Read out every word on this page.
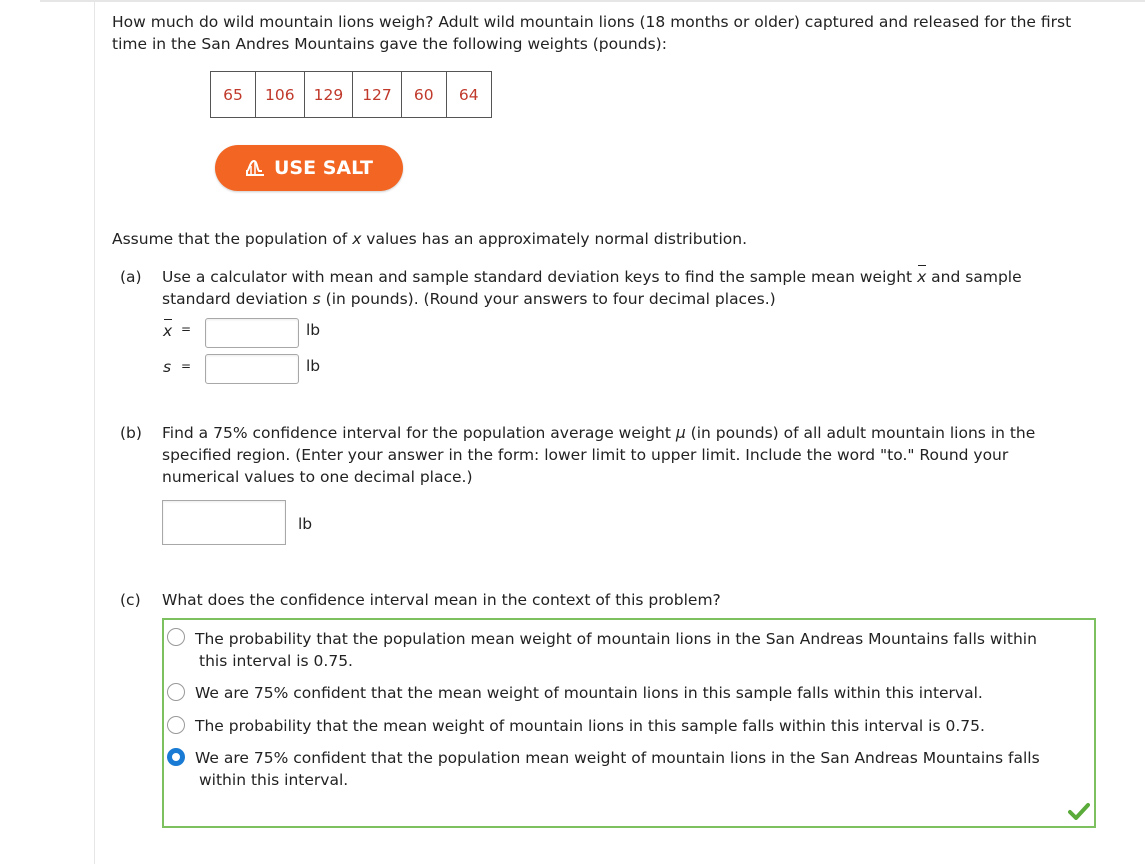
How much do wild mountain lions weigh? Adult wild mountain lions (18 months or older) captured and released for the first

time in the San Andres Mountains gave the following weights (pounds):

65	106	129	127	60	64
USE SALT

Assume that the population of x values has an approximately normal distribution.

(a) Use a calculator with mean and sample standard deviation keys to find the sample mean weight x and sample

standard deviation s (in pounds). (Round your answers to four decimal places.)

x =	lb
s =	lb

(b) Find a 75% confidence interval for the population average weight μ (in pounds) of all adult mountain lions in the

specified region. (Enter your answer in the form: lower limit to upper limit. Include the word "to." Round your

numerical values to one decimal place.)

lb

(c) What does the confidence interval mean in the context of this problem?

The probability that the population mean weight of mountain lions in the San Andreas Mountains falls within

this interval is 0.75.

We are 75% confident that the mean weight of mountain lions in this sample falls within this interval.

The probability that the mean weight of mountain lions in this sample falls within this interval is 0.75.

We are 75% confident that the population mean weight of mountain lions in the San Andreas Mountains falls

within this interval.
